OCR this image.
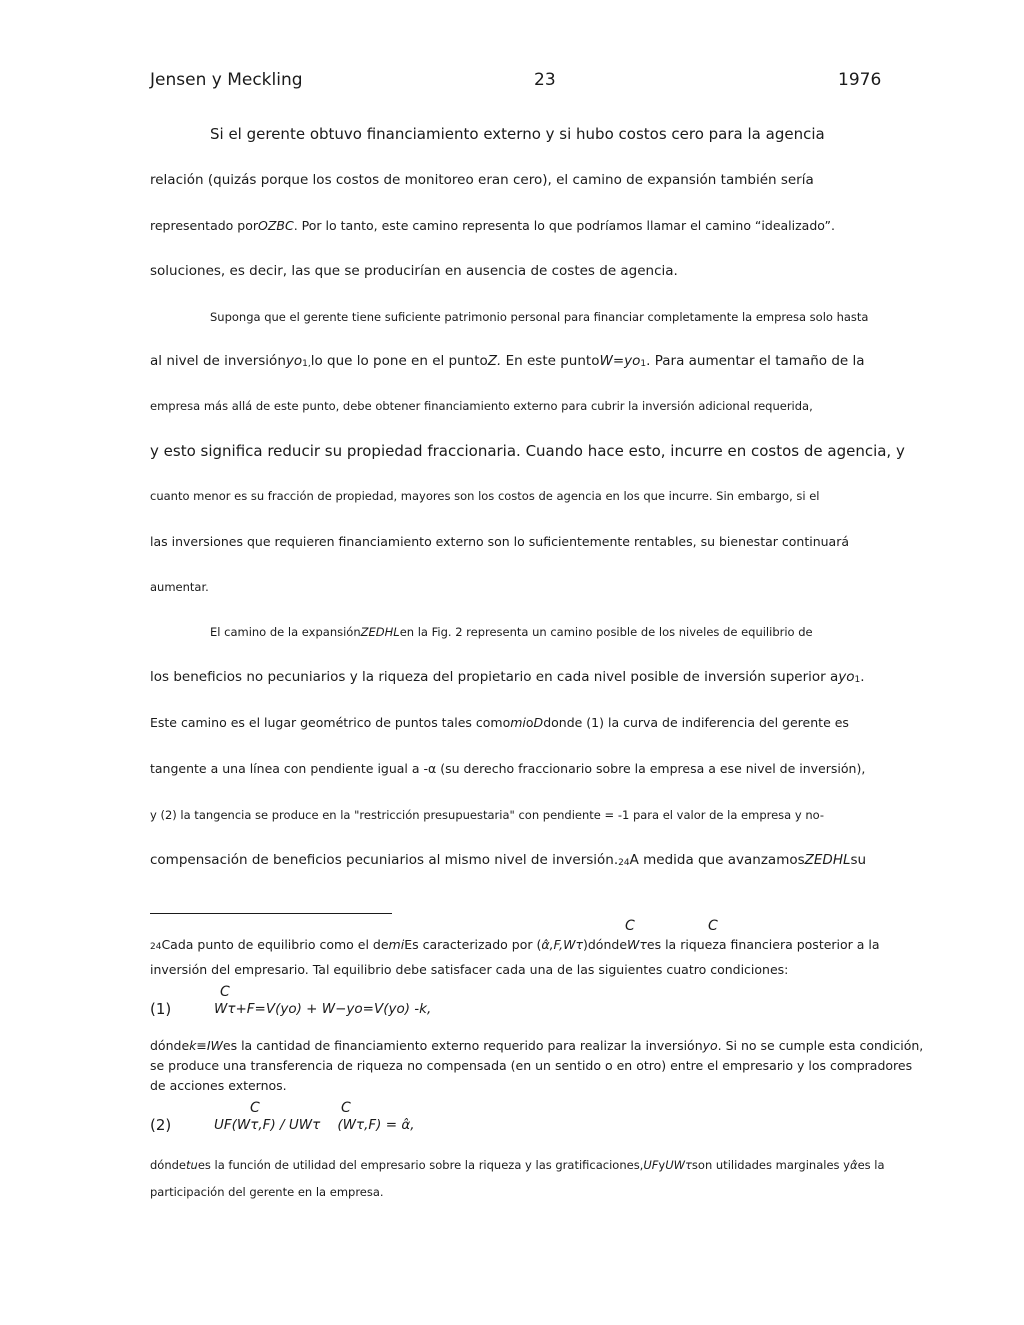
Jensen y Meckling	23	1976
Si el gerente obtuvo financiamiento externo y si hubo costos cero para la agencia
relación (quizás porque los costos de monitoreo eran cero), el camino de expansión también sería
representado porOZBC. Por lo tanto, este camino representa lo que podríamos llamar el camino “idealizado”.
soluciones, es decir, las que se producirían en ausencia de costes de agencia.
Suponga que el gerente tiene suficiente patrimonio personal para financiar completamente la empresa solo hasta
al nivel de inversiónyo1,lo que lo pone en el puntoZ. En este puntoW=yo1. Para aumentar el tamaño de la
empresa más allá de este punto, debe obtener financiamiento externo para cubrir la inversión adicional requerida,
y esto significa reducir su propiedad fraccionaria. Cuando hace esto, incurre en costos de agencia, y
cuanto menor es su fracción de propiedad, mayores son los costos de agencia en los que incurre. Sin embargo, si el
las inversiones que requieren financiamiento externo son lo suficientemente rentables, su bienestar continuará
aumentar.
El camino de la expansiónZEDHLen la Fig. 2 representa un camino posible de los niveles de equilibrio de
los beneficios no pecuniarios y la riqueza del propietario en cada nivel posible de inversión superior ayo1.
Este camino es el lugar geométrico de puntos tales comomioDdonde (1) la curva de indiferencia del gerente es
tangente a una línea con pendiente igual a -α (su derecho fraccionario sobre la empresa a ese nivel de inversión),
y (2) la tangencia se produce en la "restricción presupuestaria" con pendiente = -1 para el valor de la empresa y no-
compensación de beneficios pecuniarios al mismo nivel de inversión.24A medida que avanzamosZEDHLsu
C	C
24Cada punto de equilibrio como el demiEs caracterizado por (α̂,F,Wτ)dóndeWτes la riqueza financiera posterior a la
inversión del empresario. Tal equilibrio debe satisfacer cada una de las siguientes cuatro condiciones:
C
(1)	Wτ+F=V(yo) + W−yo=V(yo) -k,
dóndek≡IWes la cantidad de financiamiento externo requerido para realizar la inversiónyo. Si no se cumple esta condición,
se produce una transferencia de riqueza no compensada (en un sentido o en otro) entre el empresario y los compradores
de acciones externos.
C	C
(2)	UF(Wτ,F) / UWτ    (Wτ,F) = α̂,
dóndetues la función de utilidad del empresario sobre la riqueza y las gratificaciones,UFyUWτson utilidades marginales yα̂es la
participación del gerente en la empresa.
